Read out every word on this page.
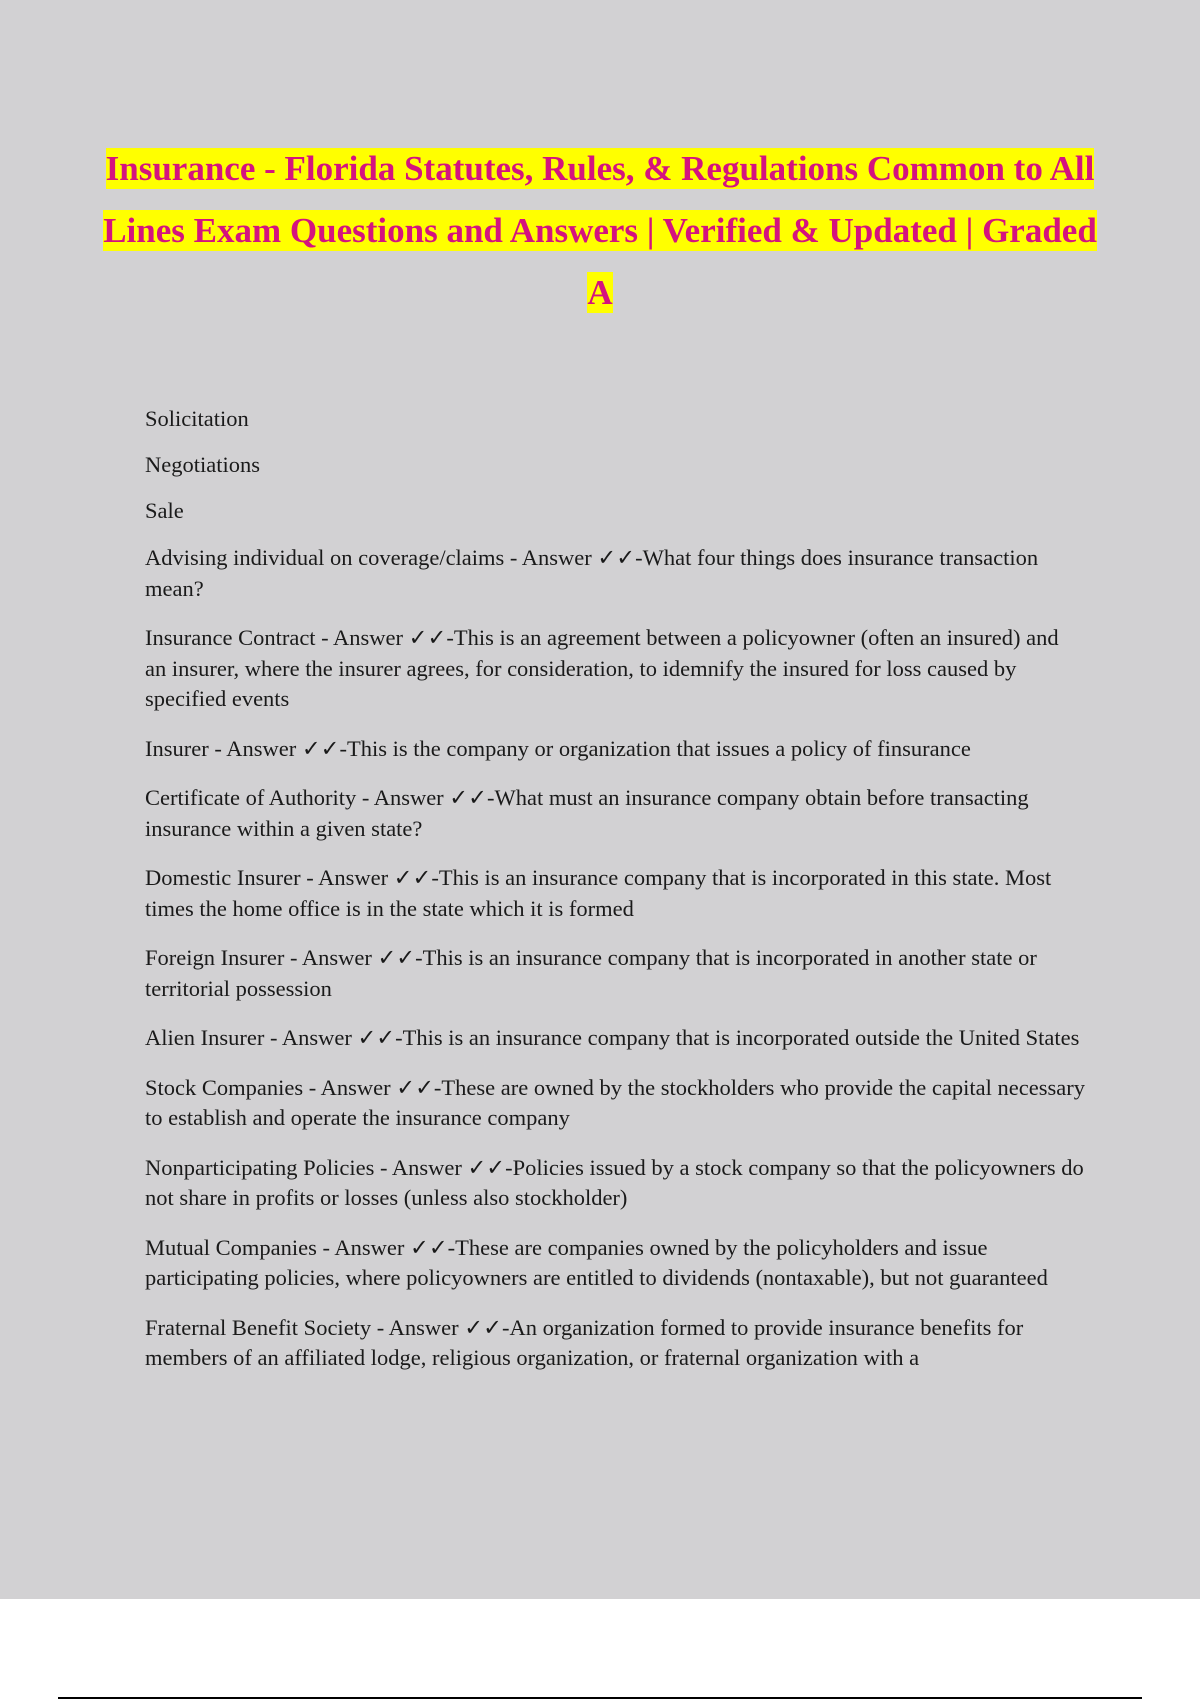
Insurance - Florida Statutes, Rules, & Regulations Common to All Lines Exam Questions and Answers | Verified & Updated | Graded A

Solicitation

Negotiations

Sale

Advising individual on coverage/claims - Answer ✓✓-What four things does insurance transaction mean?

Insurance Contract - Answer ✓✓-This is an agreement between a policyowner (often an insured) and an insurer, where the insurer agrees, for consideration, to idemnify the insured for loss caused by specified events

Insurer - Answer ✓✓-This is the company or organization that issues a policy of finsurance

Certificate of Authority - Answer ✓✓-What must an insurance company obtain before transacting insurance within a given state?

Domestic Insurer - Answer ✓✓-This is an insurance company that is incorporated in this state. Most times the home office is in the state which it is formed

Foreign Insurer - Answer ✓✓-This is an insurance company that is incorporated in another state or territorial possession

Alien Insurer - Answer ✓✓-This is an insurance company that is incorporated outside the United States

Stock Companies - Answer ✓✓-These are owned by the stockholders who provide the capital necessary to establish and operate the insurance company

Nonparticipating Policies - Answer ✓✓-Policies issued by a stock company so that the policyowners do not share in profits or losses (unless also stockholder)

Mutual Companies - Answer ✓✓-These are companies owned by the policyholders and issue participating policies, where policyowners are entitled to dividends (nontaxable), but not guaranteed

Fraternal Benefit Society - Answer ✓✓-An organization formed to provide insurance benefits for members of an affiliated lodge, religious organization, or fraternal organization with a
